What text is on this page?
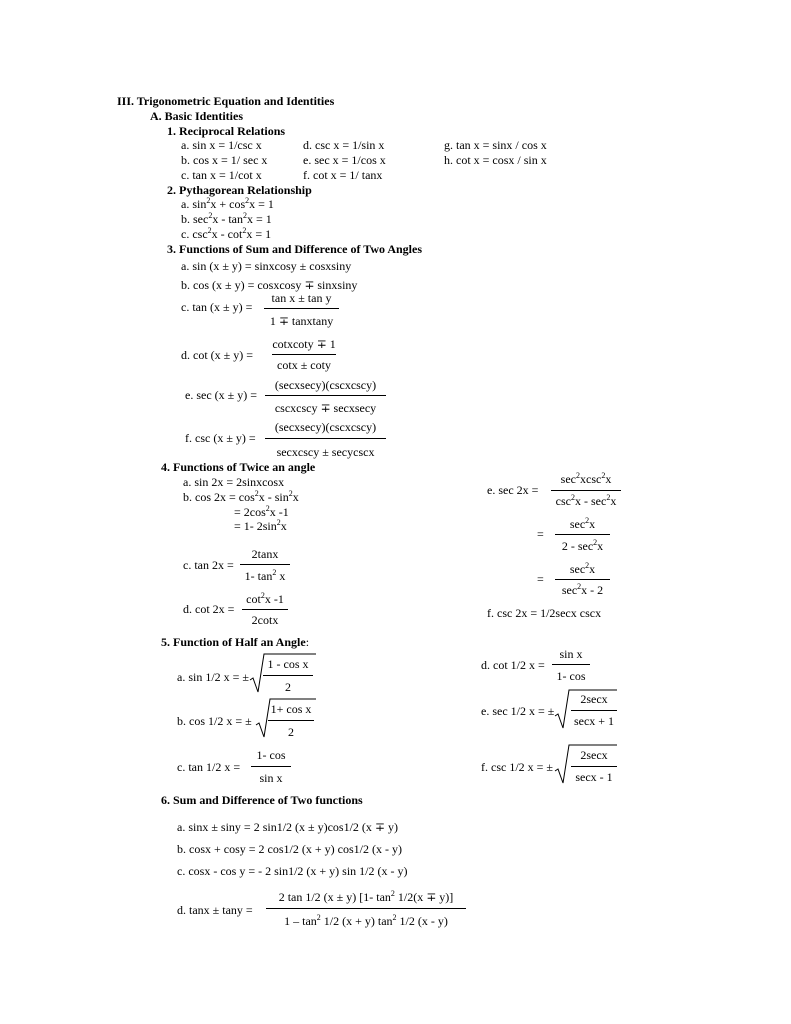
III. Trigonometric Equation and Identities
A. Basic Identities
1. Reciprocal Relations
a. sin x = 1/csc x
b. cos x = 1/ sec x
c. tan x = 1/cot x
d. csc x = 1/sin x
e. sec x = 1/cos x
f. cot x = 1/ tanx
g. tan x = sinx / cos x
h. cot x = cosx / sin x
2. Pythagorean Relationship
a. $\sin^2x + \cos^2x = 1$
b. $\sec^2x - \tan^2x = 1$
c. $\csc^2x - \cot^2x = 1$
3. Functions of Sum and Difference of Two Angles
a. sin (x ± y) = sinxcosy ± cosxsiny
b. cos (x ± y) = cosxcosy ∓ sinxsiny
c. tan (x ± y) =
tan x ± tan y
1 ∓ tanxtany
d. cot (x ± y) =
cotxcoty ∓ 1
cotx ± coty
e. sec (x ± y) =
(secxsecy)(cscxcscy)
cscxcscy ∓ secxsecy
f. csc (x ± y) =
(secxsecy)(cscxcscy)
secxcscy ± secycscx
4. Functions of Twice an angle
a. sin 2x = 2sinxcosx
b. $\cos 2x = \cos^2x - \sin^2x$
= $2\cos^2x$ -1
= 1- $2\sin^2x$
c. tan 2x =
2tanx
1- $\tan^2 x$
d. cot 2x =
$\cot^2x$ -1
2cotx
e. sec 2x =
$\sec^2xcsc^2x$
$\csc^2x - \sec^2x$
=
$\sec^2x$
$2 - \sec^2x$
=
$\sec^2x$
$\sec^2x - 2$
f. csc 2x = 1/2secx cscx
5. Function of Half an Angle:
a. sin 1/2 x = ±
1 - cos x
2
b. cos 1/2 x = ±
1+ cos x
2
c. tan 1/2 x =
1- cos
sin x
d. cot 1/2 x =
sin x
1- cos
e. sec 1/2 x = ±
2secx
secx + 1
f. csc 1/2 x = ±
2secx
secx - 1
6. Sum and Difference of Two functions
a. sinx ± siny = 2 sin1/2 (x ± y)cos1/2 (x ∓ y)
b. cosx + cosy = 2 cos1/2 (x + y) cos1/2 (x - y)
c. cosx - cos y = - 2 sin1/2 (x + y) sin 1/2 (x - y)
d. tanx ± tany =
2 tan 1/2 (x ± y) [1- $\tan^2 1/2(x \mp y)$]
$1 - \tan^2 1/2$ (x + y) $\tan^2 1/2$ (x - y)
